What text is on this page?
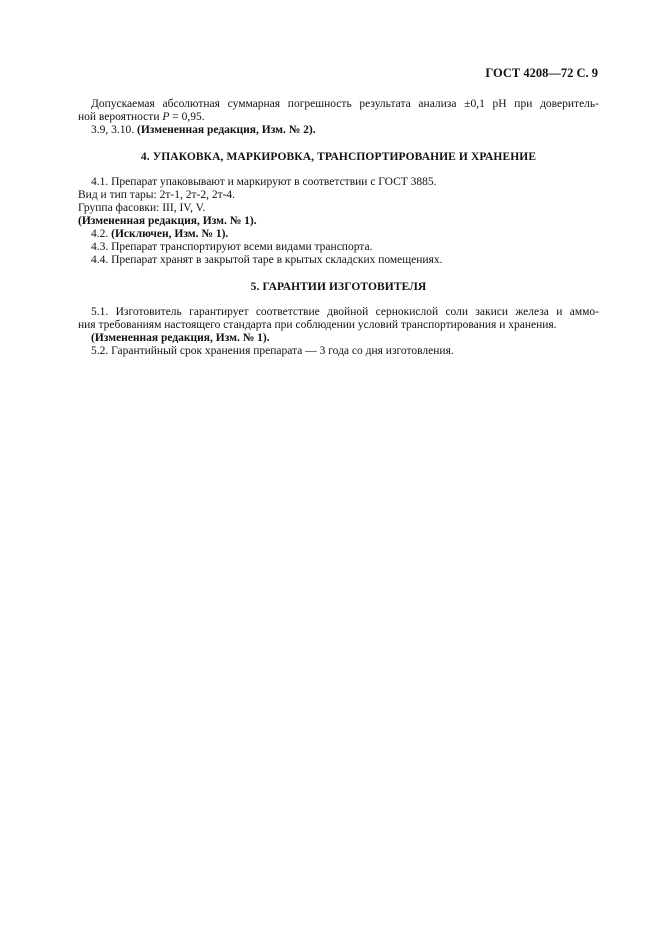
ГОСТ 4208—72 С. 9

Допускаемая абсолютная суммарная погрешность результата анализа ±0,1 pH при доверитель-

ной вероятности P = 0,95.

3.9, 3.10. (Измененная редакция, Изм. № 2).

4. УПАКОВКА, МАРКИРОВКА, ТРАНСПОРТИРОВАНИЕ И ХРАНЕНИЕ

4.1. Препарат упаковывают и маркируют в соответствии с ГОСТ 3885.

Вид и тип тары: 2т-1, 2т-2, 2т-4.

Группа фасовки: III, IV, V.

(Измененная редакция, Изм. № 1).

4.2. (Исключен, Изм. № 1).

4.3. Препарат транспортируют всеми видами транспорта.

4.4. Препарат хранят в закрытой таре в крытых складских помещениях.

5. ГАРАНТИИ ИЗГОТОВИТЕЛЯ

5.1. Изготовитель гарантирует соответствие двойной сернокислой соли закиси железа и аммо-

ния требованиям настоящего стандарта при соблюдении условий транспортирования и хранения.

(Измененная редакция, Изм. № 1).

5.2. Гарантийный срок хранения препарата — 3 года со дня изготовления.
